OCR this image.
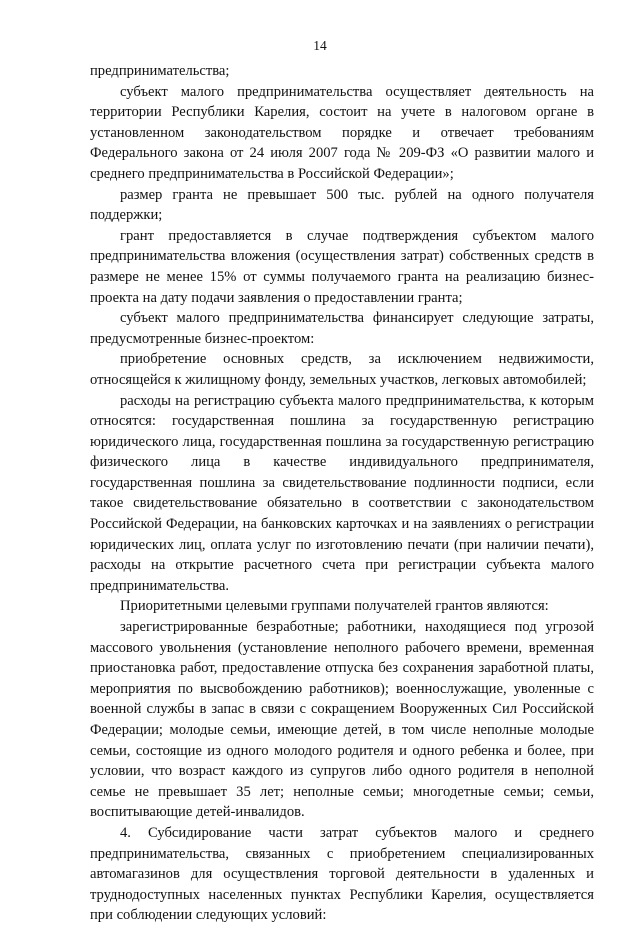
14

предпринимательства;

субъект малого предпринимательства осуществляет деятельность на территории Республики Карелия, состоит на учете в налоговом органе в установленном законодательством порядке и отвечает требованиям Федерального закона от 24 июля 2007 года № 209-ФЗ «О развитии малого и среднего предпринимательства в Российской Федерации»;

размер гранта не превышает 500 тыс. рублей на одного получателя поддержки;

грант предоставляется в случае подтверждения субъектом малого предпринимательства вложения (осуществления затрат) собственных средств в размере не менее 15% от суммы получаемого гранта на реализацию бизнес-проекта на дату подачи заявления о предоставлении гранта;

субъект малого предпринимательства финансирует следующие затраты, предусмотренные бизнес-проектом:

приобретение основных средств, за исключением недвижимости, относящейся к жилищному фонду, земельных участков, легковых автомобилей;

расходы на регистрацию субъекта малого предпринимательства, к которым относятся: государственная пошлина за государственную регистрацию юридического лица, государственная пошлина за государственную регистрацию физического лица в качестве индивидуального предпринимателя, государственная пошлина за свидетельствование подлинности подписи, если такое свидетельствование обязательно в соответствии с законодательством Российской Федерации, на банковских карточках и на заявлениях о регистрации юридических лиц, оплата услуг по изготовлению печати (при наличии печати), расходы на открытие расчетного счета при регистрации субъекта малого предпринимательства.

Приоритетными целевыми группами получателей грантов являются:

зарегистрированные безработные; работники, находящиеся под угрозой массового увольнения (установление неполного рабочего времени, временная приостановка работ, предоставление отпуска без сохранения заработной платы, мероприятия по высвобождению работников); военнослужащие, уволенные с военной службы в запас в связи с сокращением Вооруженных Сил Российской Федерации; молодые семьи, имеющие детей, в том числе неполные молодые семьи, состоящие из одного молодого родителя и одного ребенка и более, при условии, что возраст каждого из супругов либо одного родителя в неполной семье не превышает 35 лет; неполные семьи; многодетные семьи; семьи, воспитывающие детей-инвалидов.

4. Субсидирование части затрат субъектов малого и среднего предпринимательства, связанных с приобретением специализированных автомагазинов для осуществления торговой деятельности в удаленных и труднодоступных населенных пунктах Республики Карелия, осуществляется при соблюдении следующих условий:
